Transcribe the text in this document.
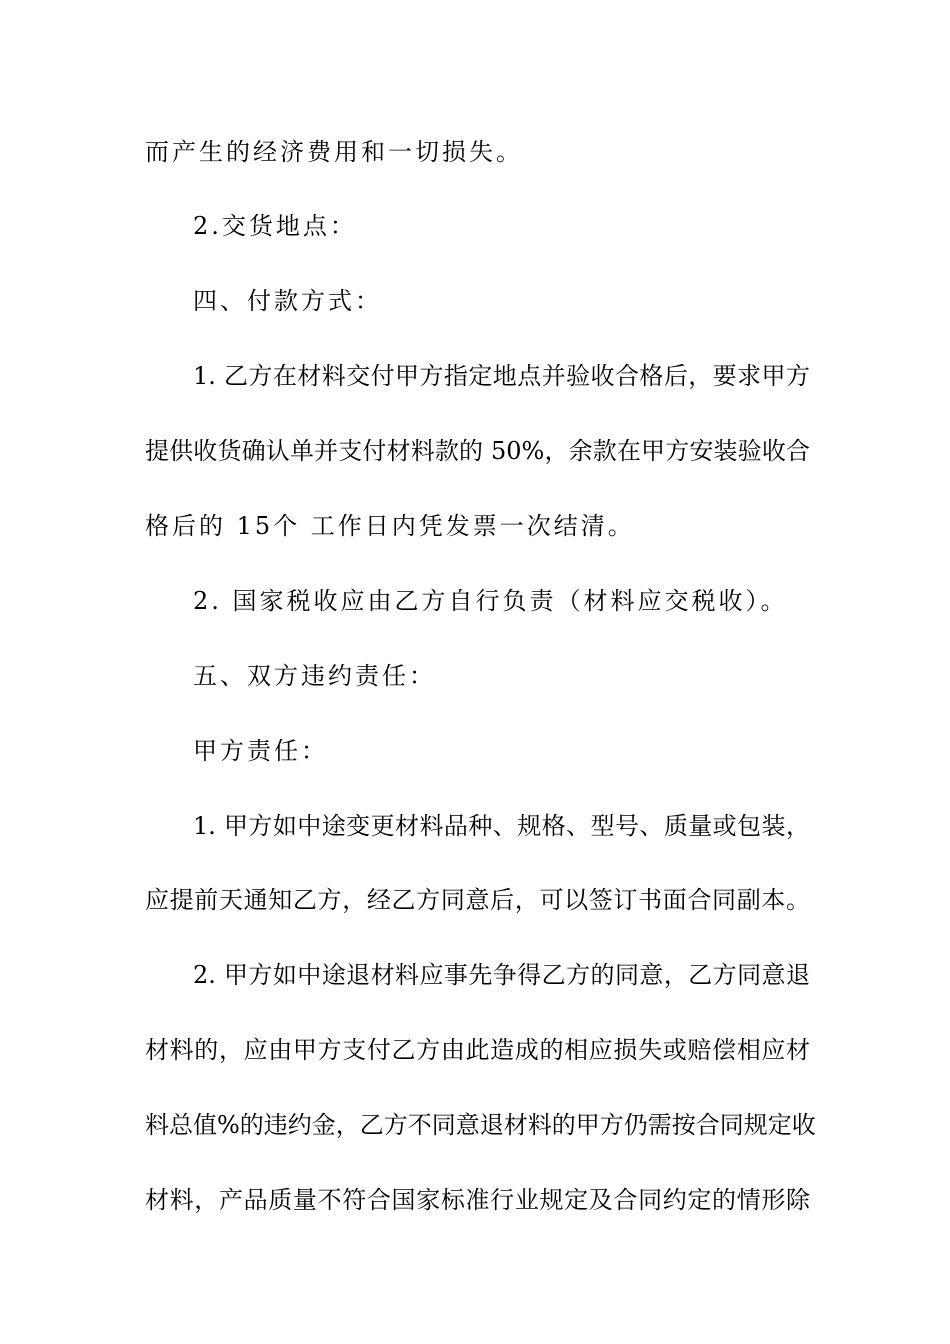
而产生的经济费用和一切损失。
2.交货地点：
四、付款方式：
1. 乙方在材料交付甲方指定地点并验收合格后，要求甲方
提供收货确认单并支付材料款的 50%，余款在甲方安装验收合
格后的 15个 工作日内凭发票一次结清。
2. 国家税收应由乙方自行负责（材料应交税收）。
五、双方违约责任：
甲方责任：
1. 甲方如中途变更材料品种、规格、型号、质量或包装，
应提前天通知乙方，经乙方同意后，可以签订书面合同副本。
2. 甲方如中途退材料应事先争得乙方的同意，乙方同意退
材料的，应由甲方支付乙方由此造成的相应损失或赔偿相应材
料总值%的违约金，乙方不同意退材料的甲方仍需按合同规定收
材料，产品质量不符合国家标准行业规定及合同约定的情形除
